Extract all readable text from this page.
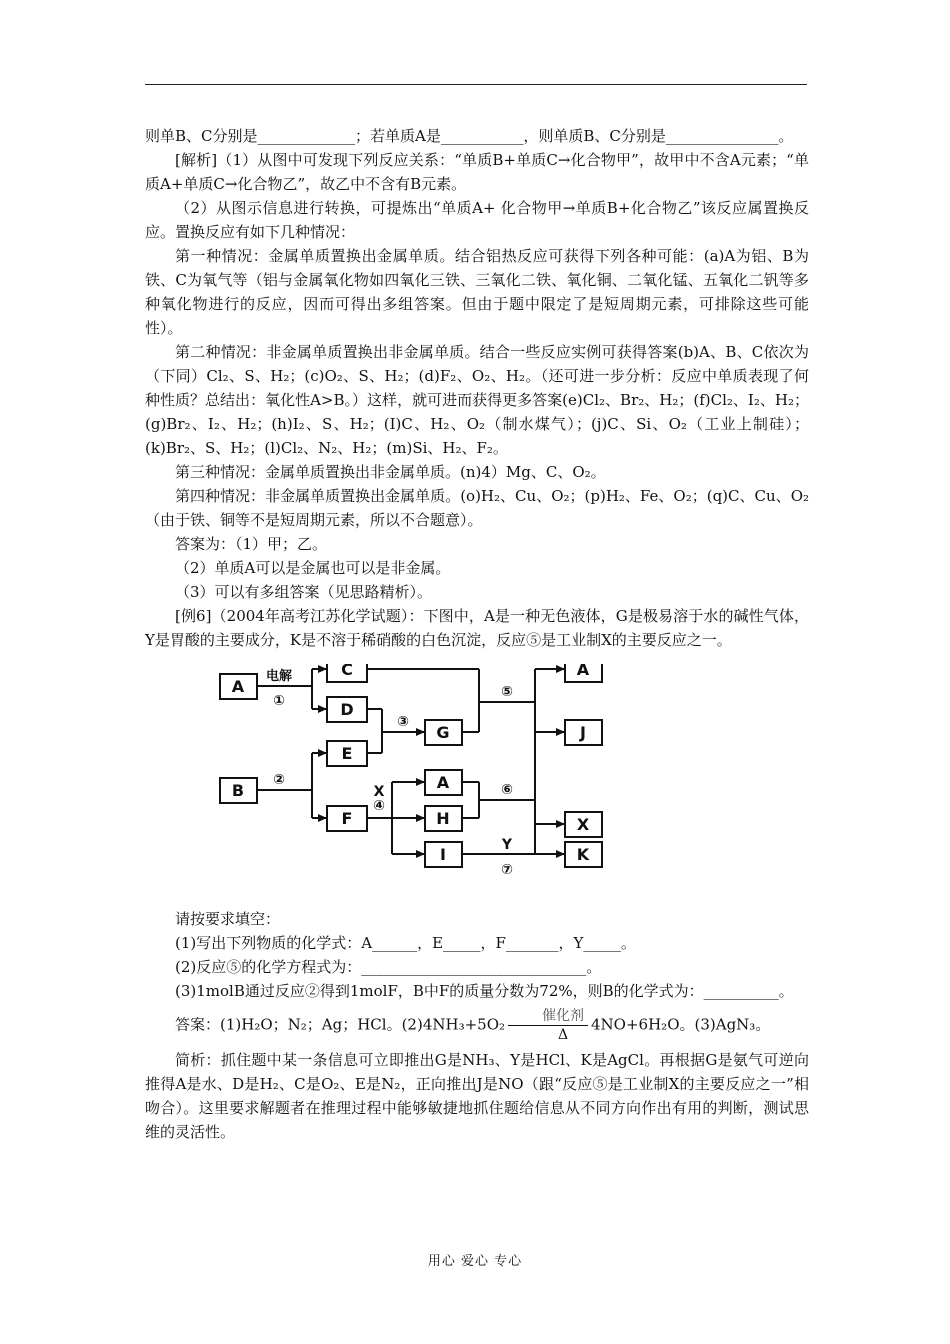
则单B、C分别是_____________；若单质A是___________，则单质B、C分别是_______________。

[解析]（1）从图中可发现下列反应关系：“单质B+单质C→化合物甲”，故甲中不含A元素；“单质A+单质C→化合物乙”，故乙中不含有B元素。

（2）从图示信息进行转换，可提炼出“单质A+ 化合物甲→单质B+化合物乙”该反应属置换反应。置换反应有如下几种情况：

第一种情况：金属单质置换出金属单质。结合铝热反应可获得下列各种可能：(a)A为铝、B为铁、C为氧气等（铝与金属氧化物如四氧化三铁、三氧化二铁、氧化铜、二氧化锰、五氧化二钒等多种氧化物进行的反应，因而可得出多组答案。但由于题中限定了是短周期元素，可排除这些可能性）。

第二种情况：非金属单质置换出非金属单质。结合一些反应实例可获得答案(b)A、B、C依次为（下同）Cl₂、S、H₂；(c)O₂、S、H₂；(d)F₂、O₂、H₂。（还可进一步分析：反应中单质表现了何种性质？总结出：氧化性A>B。）这样，就可进而获得更多答案(e)Cl₂、Br₂、H₂；(f)Cl₂、I₂、H₂；(g)Br₂、I₂、H₂；(h)I₂、S、H₂；(I)C、H₂、O₂（制水煤气）；(j)C、Si、O₂（工业上制硅）；(k)Br₂、S、H₂；(l)Cl₂、N₂、H₂；(m)Si、H₂、F₂。

第三种情况：金属单质置换出非金属单质。(n)4）Mg、C、O₂。

第四种情况：非金属单质置换出金属单质。(o)H₂、Cu、O₂；(p)H₂、Fe、O₂；(q)C、Cu、O₂（由于铁、铜等不是短周期元素，所以不合题意）。

答案为：（1）甲；乙。

（2）单质A可以是金属也可以是非金属。

（3）可以有多组答案（见思路精析）。

[例6]（2004年高考江苏化学试题）：下图中，A是一种无色液体，G是极易溶于水的碱性气体，Y是胃酸的主要成分，K是不溶于稀硝酸的白色沉淀，反应⑤是工业制X的主要反应之一。

A
C
D
G
B
E
F
A
H
I
A
J
X
K
电解
①
②
③
④
X
⑤
⑥
Y
⑦

请按要求填空：

(1)写出下列物质的化学式：A______，E_____，F_______，Y_____。

(2)反应⑤的化学方程式为：______________________________。

(3)1molB通过反应②得到1molF，B中F的质量分数为72%，则B的化学式为：__________。

答案：(1)H₂O；N₂；Ag；HCl。$(2)4NH_3+5O_2 \frac{\text{催化剂}}{\Delta} 4NO+6H_2O$。(3)AgN₃。

简析：抓住题中某一条信息可立即推出G是NH₃、Y是HCl、K是AgCl。再根据G是氨气可逆向推得A是水、D是H₂、C是O₂、E是N₂，正向推出J是NO（跟“反应⑤是工业制X的主要反应之一”相吻合）。这里要求解题者在推理过程中能够敏捷地抓住题给信息从不同方向作出有用的判断，测试思维的灵活性。

用心 爱心 专心
